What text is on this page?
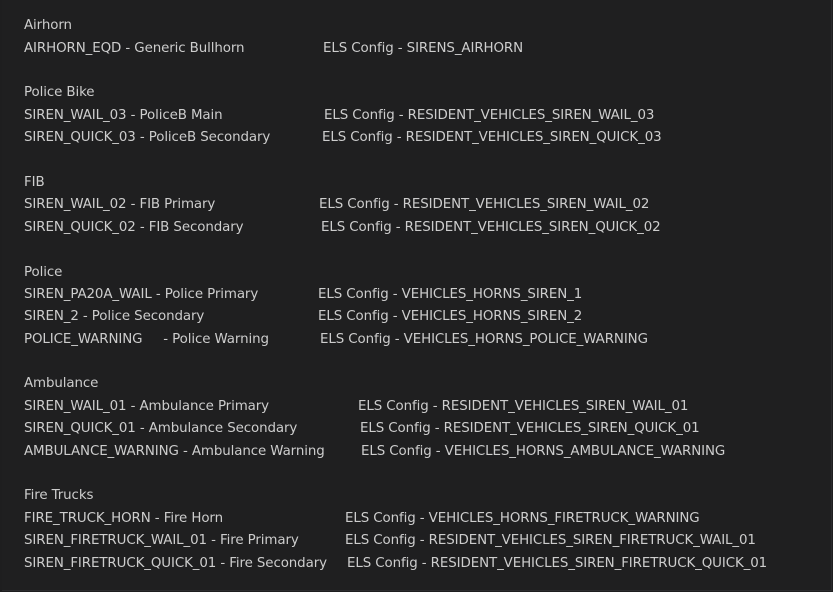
Airhorn
AIRHORN_EQD - Generic Bullhorn	ELS Config - SIRENS_AIRHORN
Police Bike
SIREN_WAIL_03 - PoliceB Main	ELS Config - RESIDENT_VEHICLES_SIREN_WAIL_03
SIREN_QUICK_03 - PoliceB Secondary	ELS Config - RESIDENT_VEHICLES_SIREN_QUICK_03
FIB
SIREN_WAIL_02 - FIB Primary	ELS Config - RESIDENT_VEHICLES_SIREN_WAIL_02
SIREN_QUICK_02 - FIB Secondary	ELS Config - RESIDENT_VEHICLES_SIREN_QUICK_02
Police
SIREN_PA20A_WAIL - Police Primary	ELS Config - VEHICLES_HORNS_SIREN_1
SIREN_2 - Police Secondary	ELS Config - VEHICLES_HORNS_SIREN_2
POLICE_WARNING     - Police Warning	ELS Config - VEHICLES_HORNS_POLICE_WARNING
Ambulance
SIREN_WAIL_01 - Ambulance Primary	ELS Config - RESIDENT_VEHICLES_SIREN_WAIL_01
SIREN_QUICK_01 - Ambulance Secondary	ELS Config - RESIDENT_VEHICLES_SIREN_QUICK_01
AMBULANCE_WARNING - Ambulance Warning	ELS Config - VEHICLES_HORNS_AMBULANCE_WARNING
Fire Trucks
FIRE_TRUCK_HORN - Fire Horn	ELS Config - VEHICLES_HORNS_FIRETRUCK_WARNING
SIREN_FIRETRUCK_WAIL_01 - Fire Primary	ELS Config - RESIDENT_VEHICLES_SIREN_FIRETRUCK_WAIL_01
SIREN_FIRETRUCK_QUICK_01 - Fire Secondary ELS Config - RESIDENT_VEHICLES_SIREN_FIRETRUCK_QUICK_01
